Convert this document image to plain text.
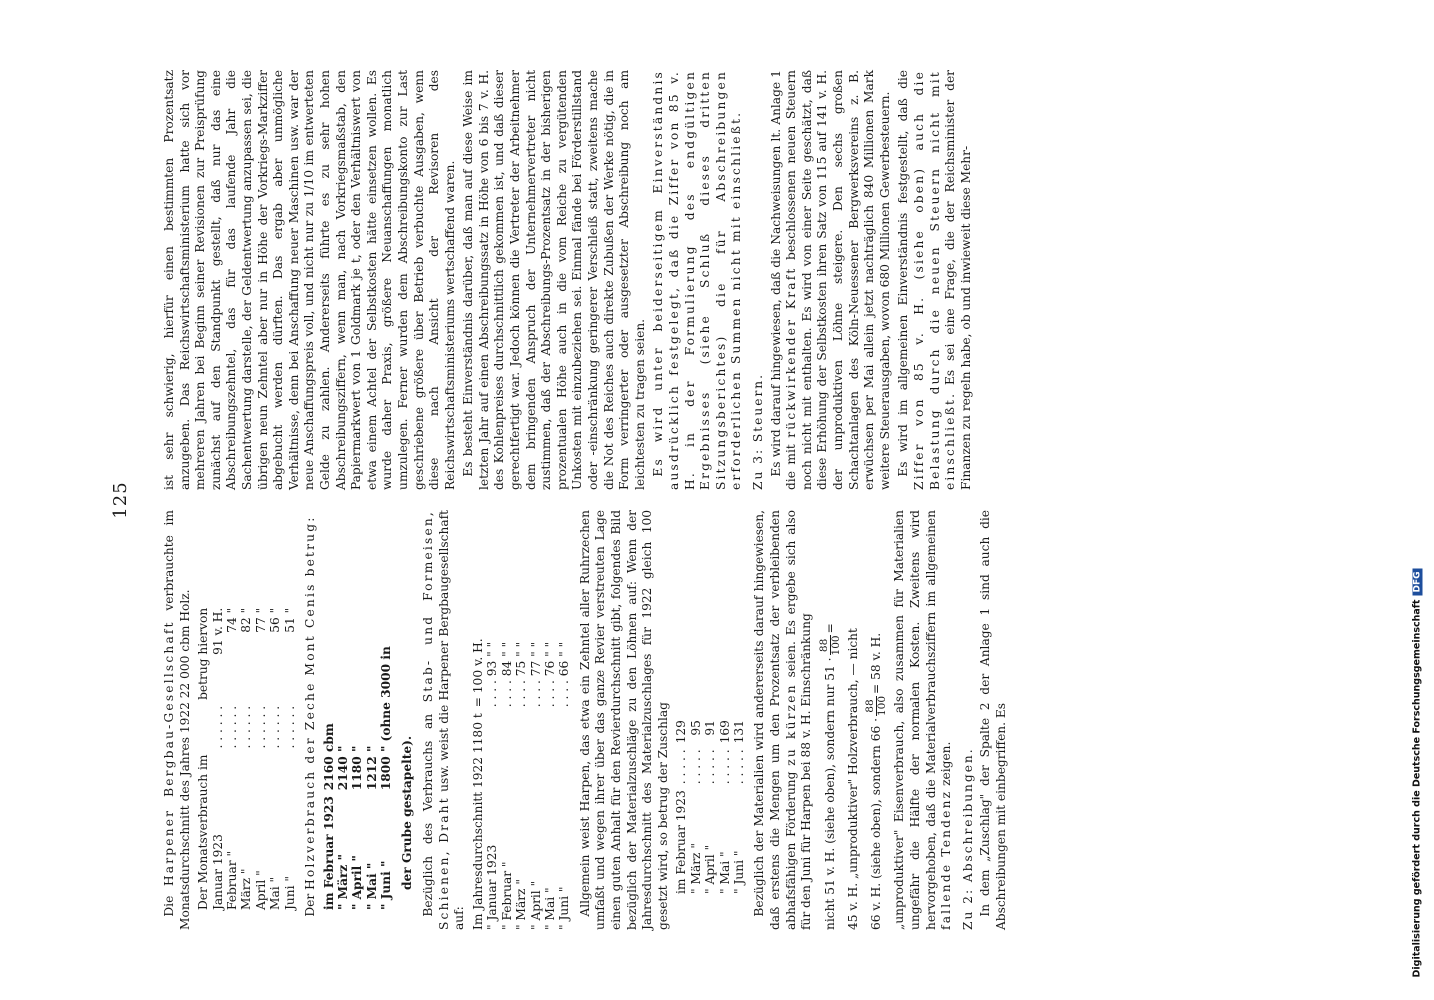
125

Die Harpener Bergbau-Gesellschaft verbrauchte im Monatsdurchschnitt des Jahres 1922 22 000 cbm Holz. Der Monatsverbrauch im		betrug hiervon
Januar 1923	. . . . . .	91 v. H.
Februar "	. . . . . .	74 "
März "	. . . . . .	82 "
April "	. . . . . .	77 "
Mai "	. . . . . .	56 "
Juni "	. . . . . .	51 "

Der Holzverbrauch der Zeche Mont Cenis betrug: im Februar 1923	2160 cbm
" März "	2140 "
" April "	1180 "
" Mai "	1212 "
" Juni "	1800 " (ohne 3000 in
der Grube gestapelte). Bezüglich des Verbrauchs an Stab- und Formeisen, Schienen, Draht usw. weist die Harpener Bergbaugesellschaft auf: Im Jahresdurchschnitt 1922 1180 t	= 100 v. H.
" Januar 1923	. . . . 93 " "
" Februar "	. . . . 84 " "
" März "	. . . . 75 " "
" April "	. . . . 77 " "
" Mai "	. . . . 76 " "
" Juni "	. . . . 66 " " Allgemein weist Harpen, das etwa ein Zehntel aller Ruhrzechen umfaßt und wegen ihrer über das ganze Revier verstreuten Lage einen guten Anhalt für den Revierdurchschnitt gibt, folgendes Bild bezüglich der Materialzuschläge zu den Löhnen auf: Wenn der Jahresdurchschnitt des Materialzuschlages für 1922 gleich 100 gesetzt wird, so betrug der Zuschlag im Februar 1923	. . . . .	129
" März "	. . . . .	95
" April "	. . . . .	91
" Mai "	. . . . .	169
" Juni "	. . . . .	131 Bezüglich der Materialien wird andererseits darauf hingewiesen, daß erstens die Mengen um den Prozentsatz der verbleibenden abhafsfähigen Förderung zu kürzen seien. Es ergebe sich also für den Juni für Harpen bei 88 v. H. Einschränkung nicht 51 v. H. (siehe oben), sondern nur 51 ·
88 100
= 45 v. H. „unproduktiver" Holzverbrauch, — nicht 66 v. H. (siehe oben), sondern 66 ·
88 100
= 58 v. H. „unproduktiver" Eisenverbrauch, also zusammen für Materialien ungefähr die Hälfte der normalen Kosten. Zweitens wird hervorgehoben, daß die Materialverbrauchsziffern im allgemeinen fallende Tendenz zeigen. Zu 2: Abschreibungen. In dem „Zuschlag" der Spalte 2 der Anlage 1 sind auch die Abschreibungen mit einbegriffen. Es

ist sehr schwierig, hierfür einen bestimmten Prozentsatz anzugeben. Das Reichswirtschaftsministerium hatte sich vor mehreren Jahren bei Beginn seiner Revisionen zur Preisprüfung zunächst auf den Standpunkt gestellt, daß nur das eine Abschreibungszehntel, das für das laufende Jahr die Sachentwertung darstelle, der Geldentwertung anzupassen sei, die übrigen neun Zehntel aber nur in Höhe der Vorkriegs-Markziffer abgebucht werden dürften. Das ergab aber unmögliche Verhältnisse, denn bei Anschaffung neuer Maschinen usw. war der neue Anschaffungspreis voll, und nicht nur zu 1/10 im entwerteten Gelde zu zahlen. Andererseits führte es zu sehr hohen Abschreibungsziffern, wenn man, nach Vorkriegsmaßstab, den Papiermarkwert von 1 Goldmark je t, oder den Verhältniswert von etwa einem Achtel der Selbstkosten hätte einsetzen wollen. Es wurde daher Praxis, größere Neuanschaffungen monatlich umzulegen. Ferner wurden dem Abschreibungskonto zur Last geschriebene größere über Betrieb verbuchte Ausgaben, wenn diese nach Ansicht der Revisoren des Reichswirtschaftsministeriums wertschaffend waren. Es besteht Einverständnis darüber, daß man auf diese Weise im letzten Jahr auf einen Abschreibungssatz in Höhe von 6 bis 7 v. H. des Kohlenpreises durchschnittlich gekommen ist, und daß dieser gerechtfertigt war. Jedoch können die Vertreter der Arbeitnehmer dem bringenden Anspruch der Unternehmervertreter nicht zustimmen, daß der Abschreibungs-Prozentsatz in der bisherigen prozentualen Höhe auch in die vom Reiche zu vergütenden Unkosten mit einzubeziehen sei. Einmal fände bei Förderstillstand oder -einschränkung geringerer Verschleiß statt, zweitens mache die Not des Reiches auch direkte Zubußen der Werke nötig, die in Form verringerter oder ausgesetzter Abschreibung noch am leichtesten zu tragen seien. Es wird unter beiderseitigem Einverständnis ausdrücklich festgelegt, daß die Ziffer von 85 v. H. in der Formulierung des endgültigen Ergebnisses (siehe Schluß dieses dritten Sitzungsberichtes) die für Abschreibungen erforderlichen Summen nicht mit einschließt. Zu 3: Steuern. Es wird darauf hingewiesen, daß die Nachweisungen lt. Anlage 1 die mit rückwirkender Kraft beschlossenen neuen Steuern noch nicht mit enthalten. Es wird von einer Seite geschätzt, daß diese Erhöhung der Selbstkosten ihren Satz von 115 auf 141 v. H. der unproduktiven Löhne steigere. Den sechs großen Schachtanlagen des Köln-Neuessener Bergwerksvereins z. B. erwüchsen per Mai allein jetzt nachträglich 840 Millionen Mark weitere Steuerausgaben, wovon 680 Millionen Gewerbesteuern. Es wird im allgemeinen Einverständnis festgestellt, daß die Ziffer von 85 v. H. (siehe oben) auch die Belastung durch die neuen Steuern nicht mit einschließt. Es sei eine Frage, die der Reichsminister der Finanzen zu regeln habe, ob und inwieweit diese Mehr-

Digitalisierung gefördert durch die Deutsche ForschungsgemeinschaftDFG
